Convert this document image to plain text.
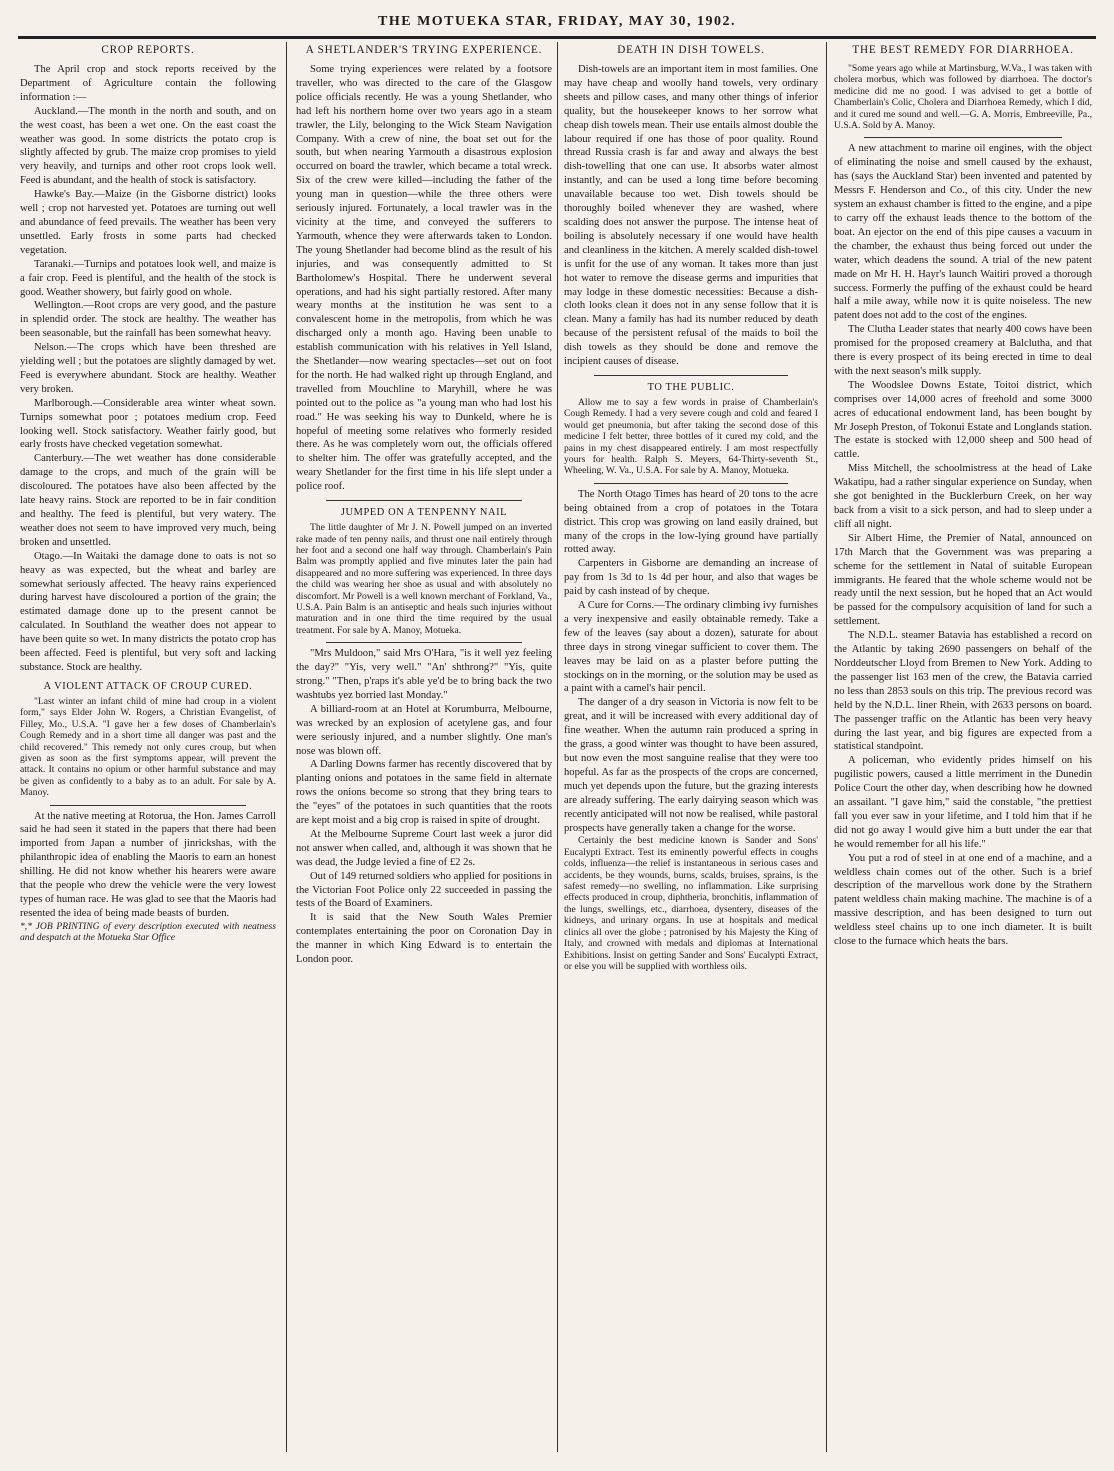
THE MOTUEKA STAR, FRIDAY, MAY 30, 1902.
CROP REPORTS.

The April crop and stock reports received by the Department of Agriculture contain the following information :—

Auckland.—The month in the north and south, and on the west coast, has been a wet one. On the east coast the weather was good. In some districts the potato crop is slightly affected by grub. The maize crop promises to yield very heavily, and turnips and other root crops look well. Feed is abundant, and the health of stock is satisfactory.

Hawke's Bay.—Maize (in the Gisborne district) looks well ; crop not harvested yet. Potatoes are turning out well and abundance of feed prevails. The weather has been very unsettled. Early frosts in some parts had checked vegetation.

Taranaki.—Turnips and potatoes look well, and maize is a fair crop. Feed is plentiful, and the health of the stock is good. Weather showery, but fairly good on whole.

Wellington.—Root crops are very good, and the pasture in splendid order. The stock are healthy. The weather has been seasonable, but the rainfall has been somewhat heavy.

Nelson.—The crops which have been threshed are yielding well ; but the potatoes are slightly damaged by wet. Feed is everywhere abundant. Stock are healthy. Weather very broken.

Marlborough.—Considerable area winter wheat sown. Turnips somewhat poor ; potatoes medium crop. Feed looking well. Stock satisfactory. Weather fairly good, but early frosts have checked vegetation somewhat.

Canterbury.—The wet weather has done considerable damage to the crops, and much of the grain will be discoloured. The potatoes have also been affected by the late heavy rains. Stock are reported to be in fair condition and healthy. The feed is plentiful, but very watery. The weather does not seem to have improved very much, being broken and unsettled.

Otago.—In Waitaki the damage done to oats is not so heavy as was expected, but the wheat and barley are somewhat seriously affected. The heavy rains experienced during harvest have discoloured a portion of the grain; the estimated damage done up to the present cannot be calculated. In Southland the weather does not appear to have been quite so wet. In many districts the potato crop has been affected. Feed is plentiful, but very soft and lacking substance. Stock are healthy.

A VIOLENT ATTACK OF CROUP CURED.

"Last winter an infant child of mine had croup in a violent form," says Elder John W. Rogers, a Christian Evangelist, of Filley, Mo., U.S.A. "I gave her a few doses of Chamberlain's Cough Remedy and in a short time all danger was past and the child recovered." This remedy not only cures croup, but when given as soon as the first symptoms appear, will prevent the attack. It contains no opium or other harmful substance and may be given as confidently to a baby as to an adult. For sale by A. Manoy.

At the native meeting at Rotorua, the Hon. James Carroll said he had seen it stated in the papers that there had been imported from Japan a number of jinrickshas, with the philanthropic idea of enabling the Maoris to earn an honest shilling. He did not know whether his hearers were aware that the people who drew the vehicle were the very lowest types of human race. He was glad to see that the Maoris had resented the idea of being made beasts of burden.

*,* JOB PRINTING of every description executed with neatness and despatch at the Motueka Star Office

A SHETLANDER'S TRYING EXPERIENCE.

Some trying experiences were related by a footsore traveller, who was directed to the care of the Glasgow police officials recently. He was a young Shetlander, who had left his northern home over two years ago in a steam trawler, the Lily, belonging to the Wick Steam Navigation Company. With a crew of nine, the boat set out for the south, but when nearing Yarmouth a disastrous explosion occurred on board the trawler, which became a total wreck. Six of the crew were killed—including the father of the young man in question—while the three others were seriously injured. Fortunately, a local trawler was in the vicinity at the time, and conveyed the sufferers to Yarmouth, whence they were afterwards taken to London. The young Shetlander had become blind as the result of his injuries, and was consequently admitted to St Bartholomew's Hospital. There he underwent several operations, and had his sight partially restored. After many weary months at the institution he was sent to a convalescent home in the metropolis, from which he was discharged only a month ago. Having been unable to establish communication with his relatives in Yell Island, the Shetlander—now wearing spectacles—set out on foot for the north. He had walked right up through England, and travelled from Mouchline to Maryhill, where he was pointed out to the police as "a young man who had lost his road." He was seeking his way to Dunkeld, where he is hopeful of meeting some relatives who formerly resided there. As he was completely worn out, the officials offered to shelter him. The offer was gratefully accepted, and the weary Shetlander for the first time in his life slept under a police roof.

JUMPED ON A TENPENNY NAIL

The little daughter of Mr J. N. Powell jumped on an inverted rake made of ten penny nails, and thrust one nail entirely through her foot and a second one half way through. Chamberlain's Pain Balm was promptly applied and five minutes later the pain had disappeared and no more suffering was experienced. In three days the child was wearing her shoe as usual and with absolutely no discomfort. Mr Powell is a well known merchant of Forkland, Va., U.S.A. Pain Balm is an antiseptic and heals such injuries without maturation and in one third the time required by the usual treatment. For sale by A. Manoy, Motueka.

"Mrs Muldoon," said Mrs O'Hara, "is it well yez feeling the day?" "Yis, very well." "An' shthrong?" "Yis, quite strong." "Then, p'raps it's able ye'd be to bring back the two washtubs yez borried last Monday."

A billiard-room at an Hotel at Korumburra, Melbourne, was wrecked by an explosion of acetylene gas, and four were seriously injured, and a number slightly. One man's nose was blown off.

A Darling Downs farmer has recently discovered that by planting onions and potatoes in the same field in alternate rows the onions become so strong that they bring tears to the "eyes" of the potatoes in such quantities that the roots are kept moist and a big crop is raised in spite of drought.

At the Melbourne Supreme Court last week a juror did not answer when called, and, although it was shown that he was dead, the Judge levied a fine of £2 2s.

Out of 149 returned soldiers who applied for positions in the Victorian Foot Police only 22 succeeded in passing the tests of the Board of Examiners.

It is said that the New South Wales Premier contemplates entertaining the poor on Coronation Day in the manner in which King Edward is to entertain the London poor.

DEATH IN DISH TOWELS.

Dish-towels are an important item in most families. One may have cheap and woolly hand towels, very ordinary sheets and pillow cases, and many other things of inferior quality, but the housekeeper knows to her sorrow what cheap dish towels mean. Their use entails almost double the labour required if one has those of poor quality. Round thread Russia crash is far and away and always the best dish-towelling that one can use. It absorbs water almost instantly, and can be used a long time before becoming unavailable because too wet. Dish towels should be thoroughly boiled whenever they are washed, where scalding does not answer the purpose. The intense heat of boiling is absolutely necessary if one would have health and cleanliness in the kitchen. A merely scalded dish-towel is unfit for the use of any woman. It takes more than just hot water to remove the disease germs and impurities that may lodge in these domestic necessities: Because a dish-cloth looks clean it does not in any sense follow that it is clean. Many a family has had its number reduced by death because of the persistent refusal of the maids to boil the dish towels as they should be done and remove the incipient causes of disease.

TO THE PUBLIC.

Allow me to say a few words in praise of Chamberlain's Cough Remedy. I had a very severe cough and cold and feared I would get pneumonia, but after taking the second dose of this medicine I felt better, three bottles of it cured my cold, and the pains in my chest disappeared entirely. I am most respectfully yours for health. Ralph S. Meyers, 64-Thirty-seventh St., Wheeling, W. Va., U.S.A. For sale by A. Manoy, Motueka.

The North Otago Times has heard of 20 tons to the acre being obtained from a crop of potatoes in the Totara district. This crop was growing on land easily drained, but many of the crops in the low-lying ground have partially rotted away.

Carpenters in Gisborne are demanding an increase of pay from 1s 3d to 1s 4d per hour, and also that wages be paid by cash instead of by cheque.

A Cure for Corns.—The ordinary climbing ivy furnishes a very inexpensive and easily obtainable remedy. Take a few of the leaves (say about a dozen), saturate for about three days in strong vinegar sufficient to cover them. The leaves may be laid on as a plaster before putting the stockings on in the morning, or the solution may be used as a paint with a camel's hair pencil.

The danger of a dry season in Victoria is now felt to be great, and it will be increased with every additional day of fine weather. When the autumn rain produced a spring in the grass, a good winter was thought to have been assured, but now even the most sanguine realise that they were too hopeful. As far as the prospects of the crops are concerned, much yet depends upon the future, but the grazing interests are already suffering. The early dairying season which was recently anticipated will not now be realised, while pastoral prospects have generally taken a change for the worse.

Certainly the best medicine known is Sander and Sons' Eucalypti Extract. Test its eminently powerful effects in coughs colds, influenza—the relief is instantaneous in serious cases and accidents, be they wounds, burns, scalds, bruises, sprains, is the safest remedy—no swelling, no inflammation. Like surprising effects produced in croup, diphtheria, bronchitis, inflammation of the lungs, swellings, etc., diarrhoea, dysentery, diseases of the kidneys, and urinary organs. In use at hospitals and medical clinics all over the globe ; patronised by his Majesty the King of Italy, and crowned with medals and diplomas at International Exhibitions. Insist on getting Sander and Sons' Eucalypti Extract, or else you will be supplied with worthless oils.

THE BEST REMEDY FOR DIARRHOEA.

"Some years ago while at Martinsburg, W.Va., I was taken with cholera morbus, which was followed by diarrhoea. The doctor's medicine did me no good. I was advised to get a bottle of Chamberlain's Colic, Cholera and Diarrhoea Remedy, which I did, and it cured me sound and well.—G. A. Morris, Embreeville, Pa., U.S.A. Sold by A. Manoy.

A new attachment to marine oil engines, with the object of eliminating the noise and smell caused by the exhaust, has (says the Auckland Star) been invented and patented by Messrs F. Henderson and Co., of this city. Under the new system an exhaust chamber is fitted to the engine, and a pipe to carry off the exhaust leads thence to the bottom of the boat. An ejector on the end of this pipe causes a vacuum in the chamber, the exhaust thus being forced out under the water, which deadens the sound. A trial of the new patent made on Mr H. H. Hayr's launch Waitiri proved a thorough success. Formerly the puffing of the exhaust could be heard half a mile away, while now it is quite noiseless. The new patent does not add to the cost of the engines.

The Clutha Leader states that nearly 400 cows have been promised for the proposed creamery at Balclutha, and that there is every prospect of its being erected in time to deal with the next season's milk supply.

The Woodslee Downs Estate, Toitoi district, which comprises over 14,000 acres of freehold and some 3000 acres of educational endowment land, has been bought by Mr Joseph Preston, of Tokonui Estate and Longlands station. The estate is stocked with 12,000 sheep and 500 head of cattle.

Miss Mitchell, the schoolmistress at the head of Lake Wakatipu, had a rather singular experience on Sunday, when she got benighted in the Bucklerburn Creek, on her way back from a visit to a sick person, and had to sleep under a cliff all night.

Sir Albert Hime, the Premier of Natal, announced on 17th March that the Government was was preparing a scheme for the settlement in Natal of suitable European immigrants. He feared that the whole scheme would not be ready until the next session, but he hoped that an Act would be passed for the compulsory acquisition of land for such a settlement.

The N.D.L. steamer Batavia has established a record on the Atlantic by taking 2690 passengers on behalf of the Norddeutscher Lloyd from Bremen to New York. Adding to the passenger list 163 men of the crew, the Batavia carried no less than 2853 souls on this trip. The previous record was held by the N.D.L. liner Rhein, with 2633 persons on board. The passenger traffic on the Atlantic has been very heavy during the last year, and big figures are expected from a statistical standpoint.

A policeman, who evidently prides himself on his pugilistic powers, caused a little merriment in the Dunedin Police Court the other day, when describing how he downed an assailant. "I gave him," said the constable, "the prettiest fall you ever saw in your lifetime, and I told him that if he did not go away I would give him a butt under the ear that he would remember for all his life."

You put a rod of steel in at one end of a machine, and a weldless chain comes out of the other. Such is a brief description of the marvellous work done by the Strathern patent weldless chain making machine. The machine is of a massive description, and has been designed to turn out weldless steel chains up to one inch diameter. It is built close to the furnace which heats the bars.
